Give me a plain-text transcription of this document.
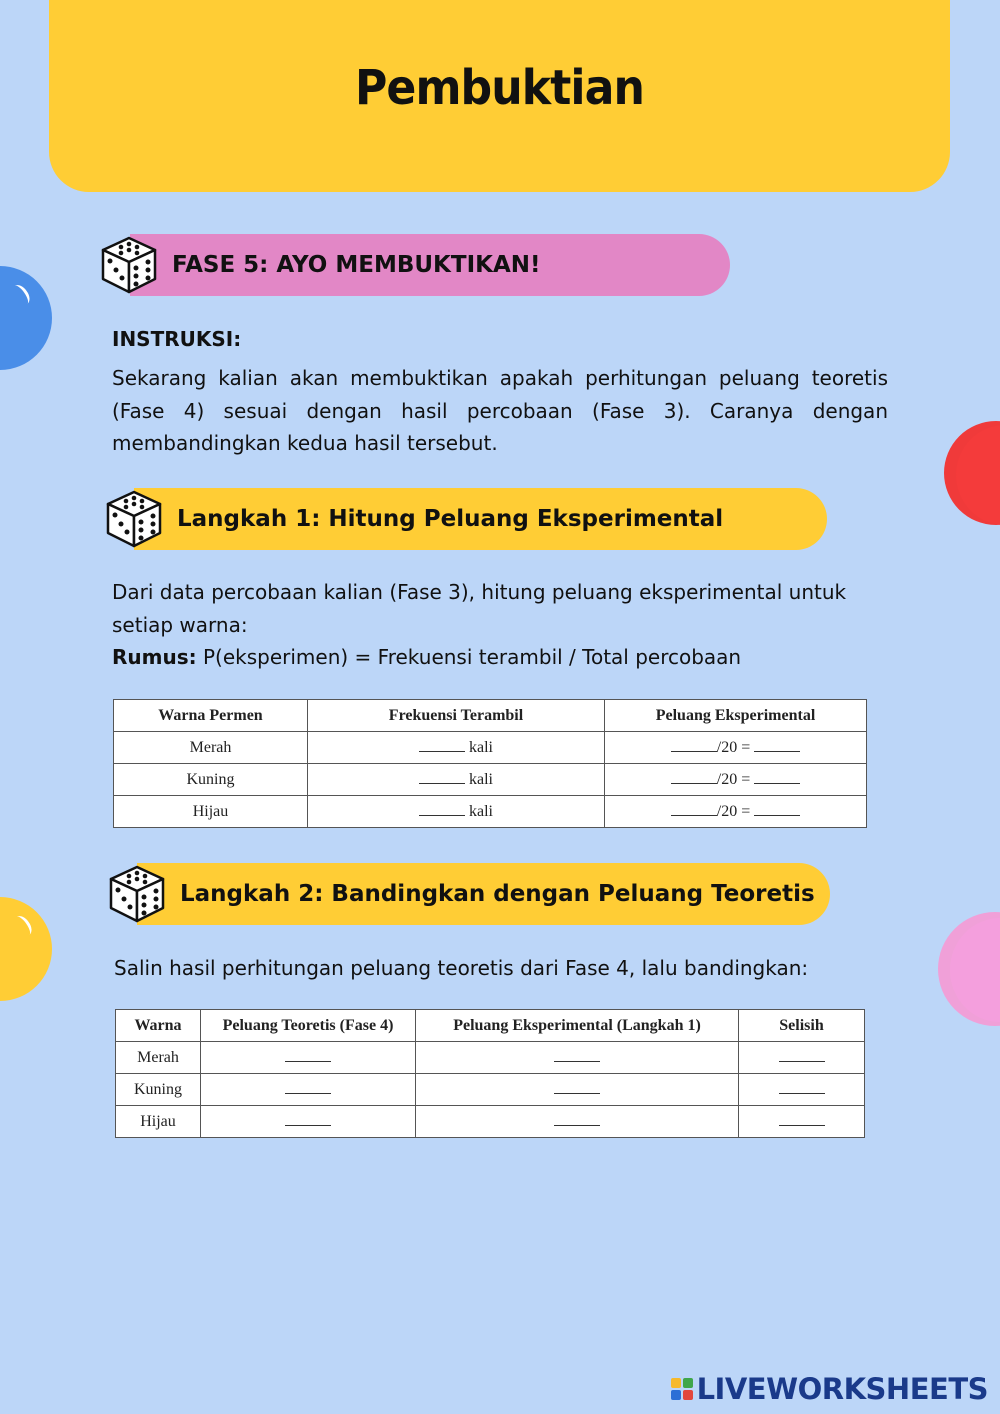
Pembuktian
FASE 5: AYO MEMBUKTIKAN!
INSTRUKSI:
Sekarang kalian akan membuktikan apakah perhitungan peluang teoretis (Fase 4) sesuai dengan hasil percobaan (Fase 3). Caranya dengan membandingkan kedua hasil tersebut.
Langkah 1: Hitung Peluang Eksperimental
Dari data percobaan kalian (Fase 3), hitung peluang eksperimental untuk setiap warna:
Rumus: P(eksperimen) = Frekuensi terambil / Total percobaan
Warna Permen	Frekuensi Terambil	Peluang Eksperimental
Merah	kali	/20 =
Kuning	kali	/20 =
Hijau	kali	/20 =
Langkah 2: Bandingkan dengan Peluang Teoretis
Salin hasil perhitungan peluang teoretis dari Fase 4, lalu bandingkan:
Warna	Peluang Teoretis (Fase 4)	Peluang Eksperimental (Langkah 1)	Selisih
Merah			
Kuning			
Hijau			
LIVEWORKSHEETS
